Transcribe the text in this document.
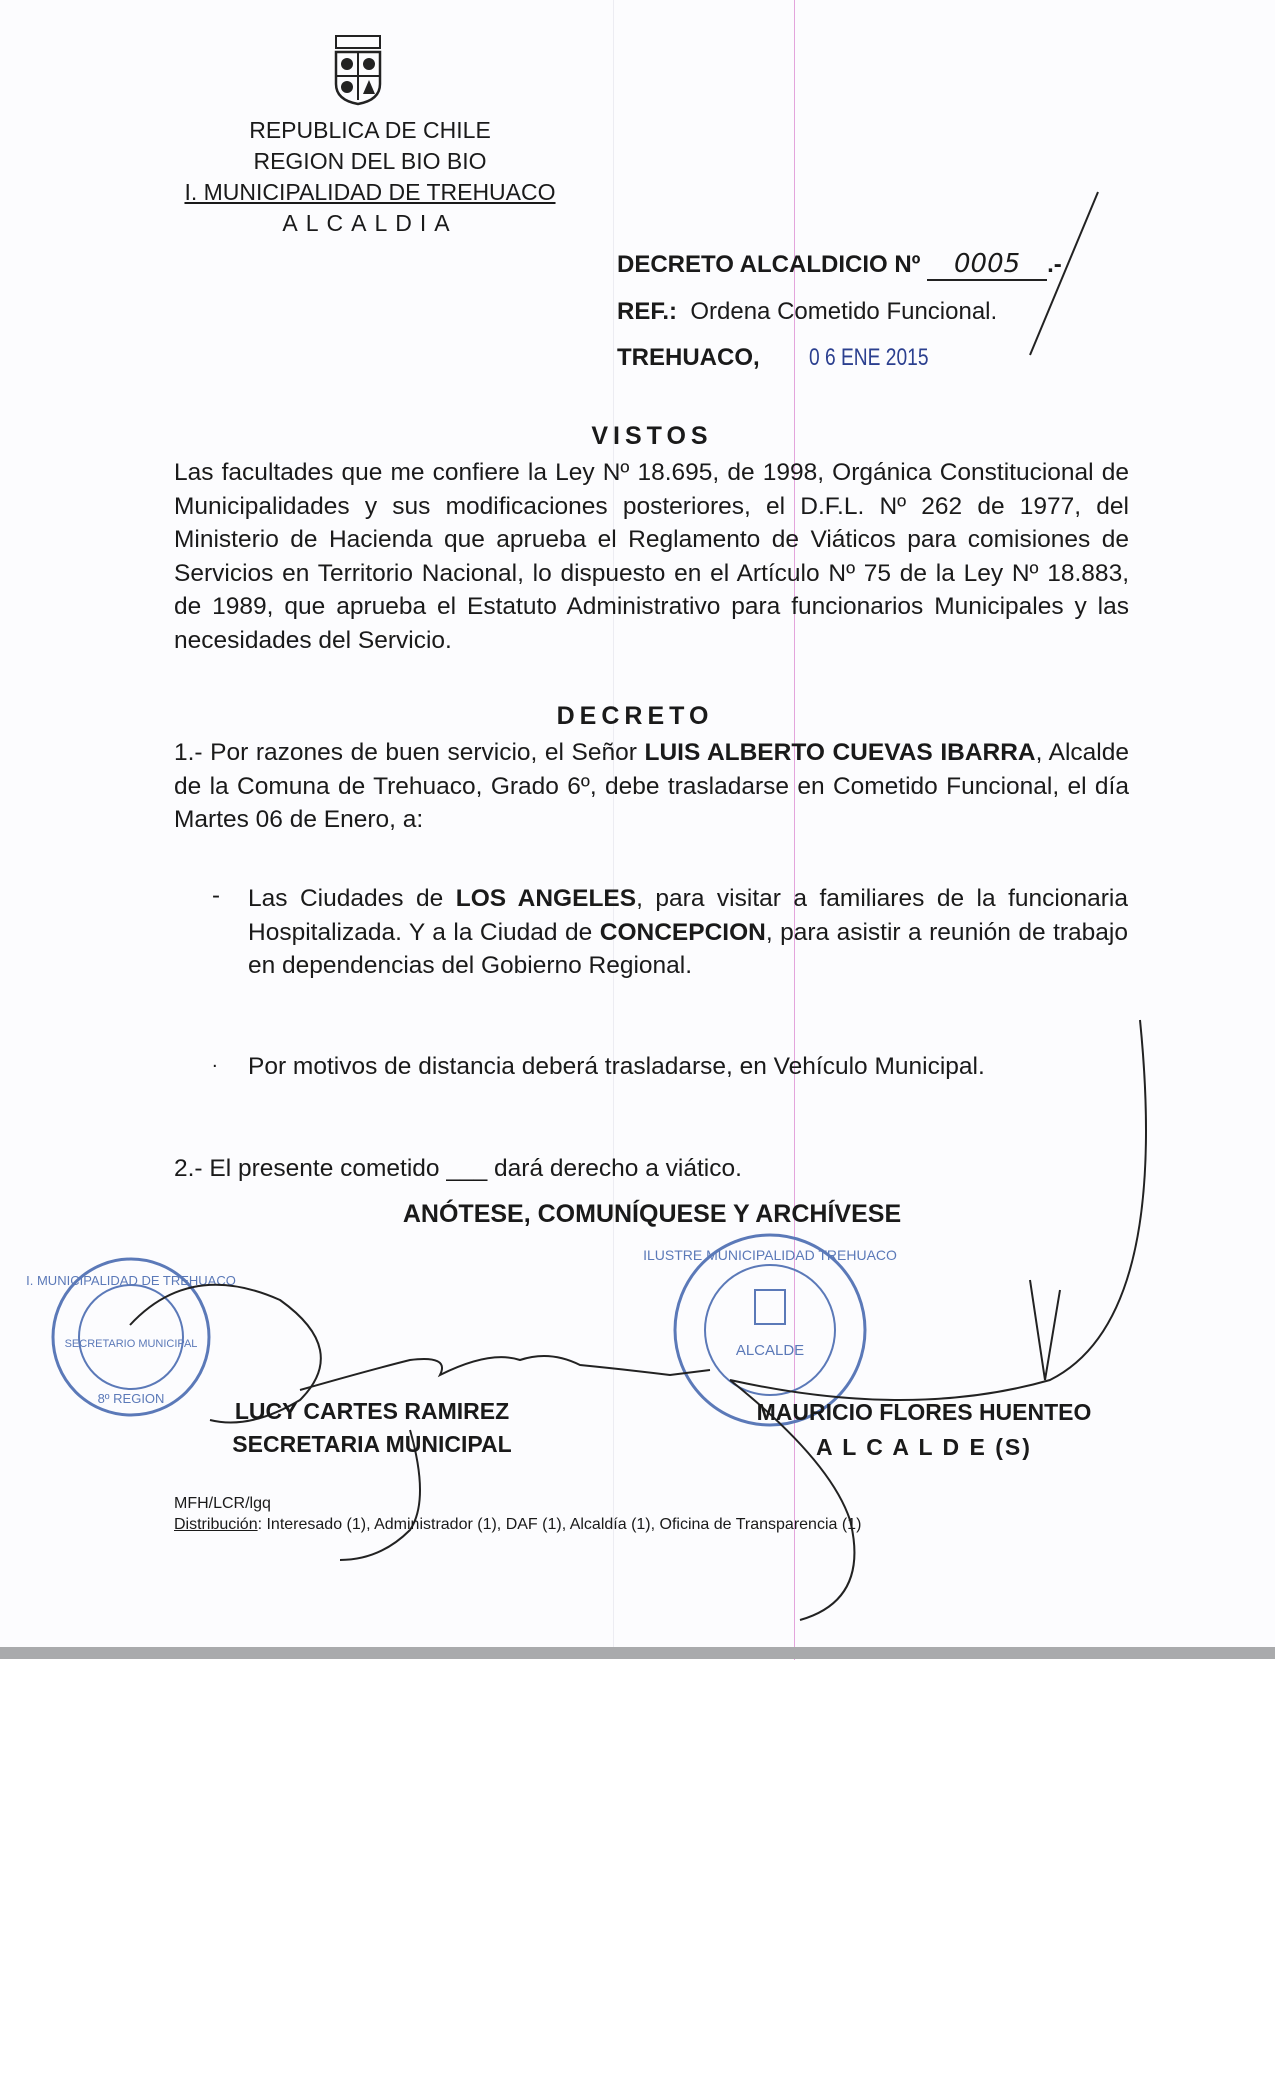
REPUBLICA DE CHILE
REGION DEL BIO BIO
I. MUNICIPALIDAD DE TREHUACO
ALCALDIA
DECRETO ALCALDICIO Nº 0005 .-
REF.: Ordena Cometido Funcional.
TREHUACO, 0 6 ENE 2015
VISTOS
Las facultades que me confiere la Ley Nº 18.695, de 1998, Orgánica Constitucional de Municipalidades y sus modificaciones posteriores, el D.F.L. Nº 262 de 1977, del Ministerio de Hacienda que aprueba el Reglamento de Viáticos para comisiones de Servicios en Territorio Nacional, lo dispuesto en el Artículo Nº 75 de la Ley Nº 18.883, de 1989, que aprueba el Estatuto Administrativo para funcionarios Municipales y las necesidades del Servicio.
DECRETO
1.- Por razones de buen servicio, el Señor LUIS ALBERTO CUEVAS IBARRA, Alcalde de la Comuna de Trehuaco, Grado 6º, debe trasladarse en Cometido Funcional, el día Martes 06 de Enero, a:
- Las Ciudades de LOS ANGELES, para visitar a familiares de la funcionaria Hospitalizada. Y a la Ciudad de CONCEPCION, para asistir a reunión de trabajo en dependencias del Gobierno Regional.
. Por motivos de distancia deberá trasladarse, en Vehículo Municipal.
2.- El presente cometido ___ dará derecho a viático.
ANÓTESE, COMUNÍQUESE Y ARCHÍVESE
I. MUNICIPALIDAD DE TREHUACO
SECRETARIO MUNICIPAL
8º REGION
ILUSTRE MUNICIPALIDAD TREHUACO
ALCALDE
LUCY CARTES RAMIREZ
SECRETARIA MUNICIPAL
MAURICIO FLORES HUENTEO
A L C A L D E (S)
MFH/LCR/lgq
Distribución: Interesado (1), Administrador (1), DAF (1), Alcaldía (1), Oficina de Transparencia (1)
